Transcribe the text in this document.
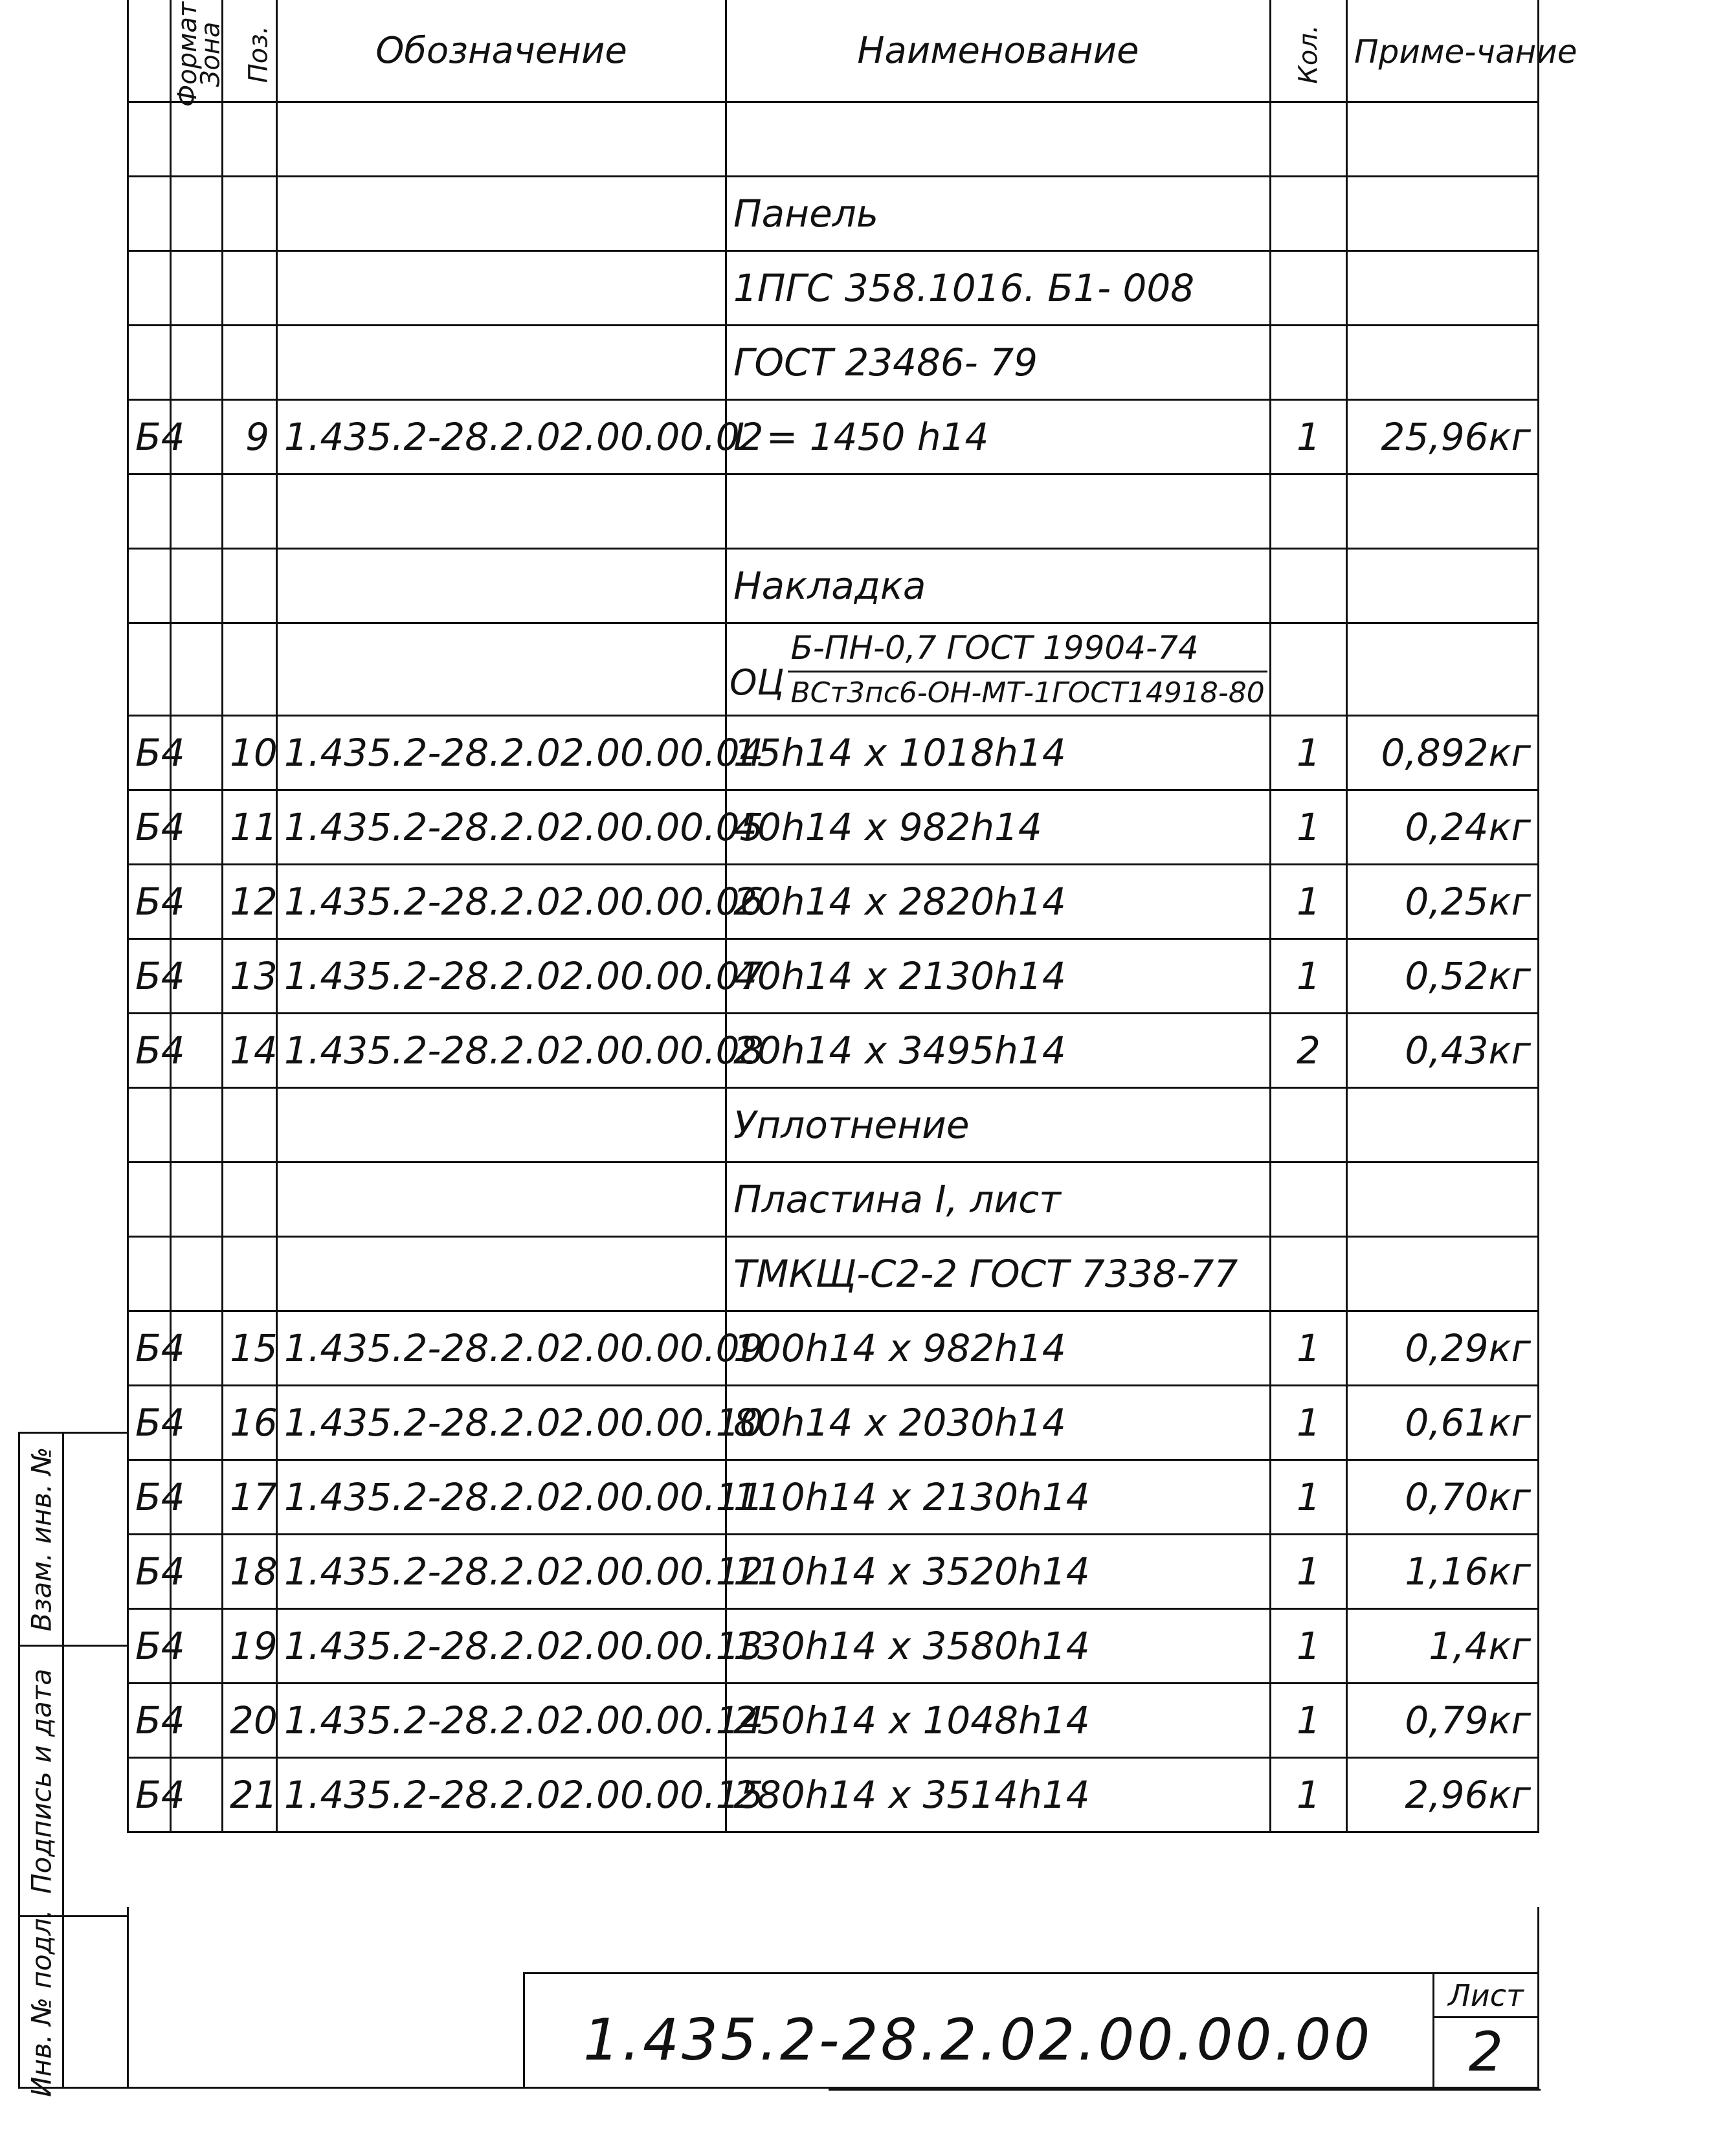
Формат	Зона	Поз.	Обозначение	Наименование	Кол.	Приме-чание

				Панель		
				1ПГС 358.1016. Б1- 008		
				ГОСТ 23486- 79		
Б4		9	1.435.2-28.2.02.00.00.02	L = 1450 h14	1	25,96кг

				Накладка		

				ОЦ $\frac{\text{Б-ПН-0,7 ГОСТ 19904-74}}{\text{ВСт3пс6-ОН-МТ-1ГОСТ14918-80}}$

Б4		10	1.435.2-28.2.02.00.00.04	15h14 x 1018h14	1	0,892кг
Б4		11	1.435.2-28.2.02.00.00.05	40h14 x 982h14	1	0,24кг
Б4		12	1.435.2-28.2.02.00.00.06	20h14 x 2820h14	1	0,25кг
Б4		13	1.435.2-28.2.02.00.00.07	40h14 x 2130h14	1	0,52кг
Б4		14	1.435.2-28.2.02.00.00.08	20h14 x 3495h14	2	0,43кг
				Уплотнение		
				Пластина I, лист		
				ТМКЩ-С2-2 ГОСТ 7338-77		
Б4		15	1.435.2-28.2.02.00.00.09	100h14 x 982h14	1	0,29кг
Б4		16	1.435.2-28.2.02.00.00.10	80h14 x 2030h14	1	0,61кг
Б4		17	1.435.2-28.2.02.00.00.11	110h14 x 2130h14	1	0,70кг
Б4		18	1.435.2-28.2.02.00.00.12	110h14 x 3520h14	1	1,16кг
Б4		19	1.435.2-28.2.02.00.00.13	130h14 x 3580h14	1	1,4кг
Б4		20	1.435.2-28.2.02.00.00.14	250h14 x 1048h14	1	0,79кг
Б4		21	1.435.2-28.2.02.00.00.15	280h14 x 3514h14	1	2,96кг
Взам. инв. №
Подпись и дата
Инв. № подл.	1.435.2-28.2.02.00.00.00
Лист
2
